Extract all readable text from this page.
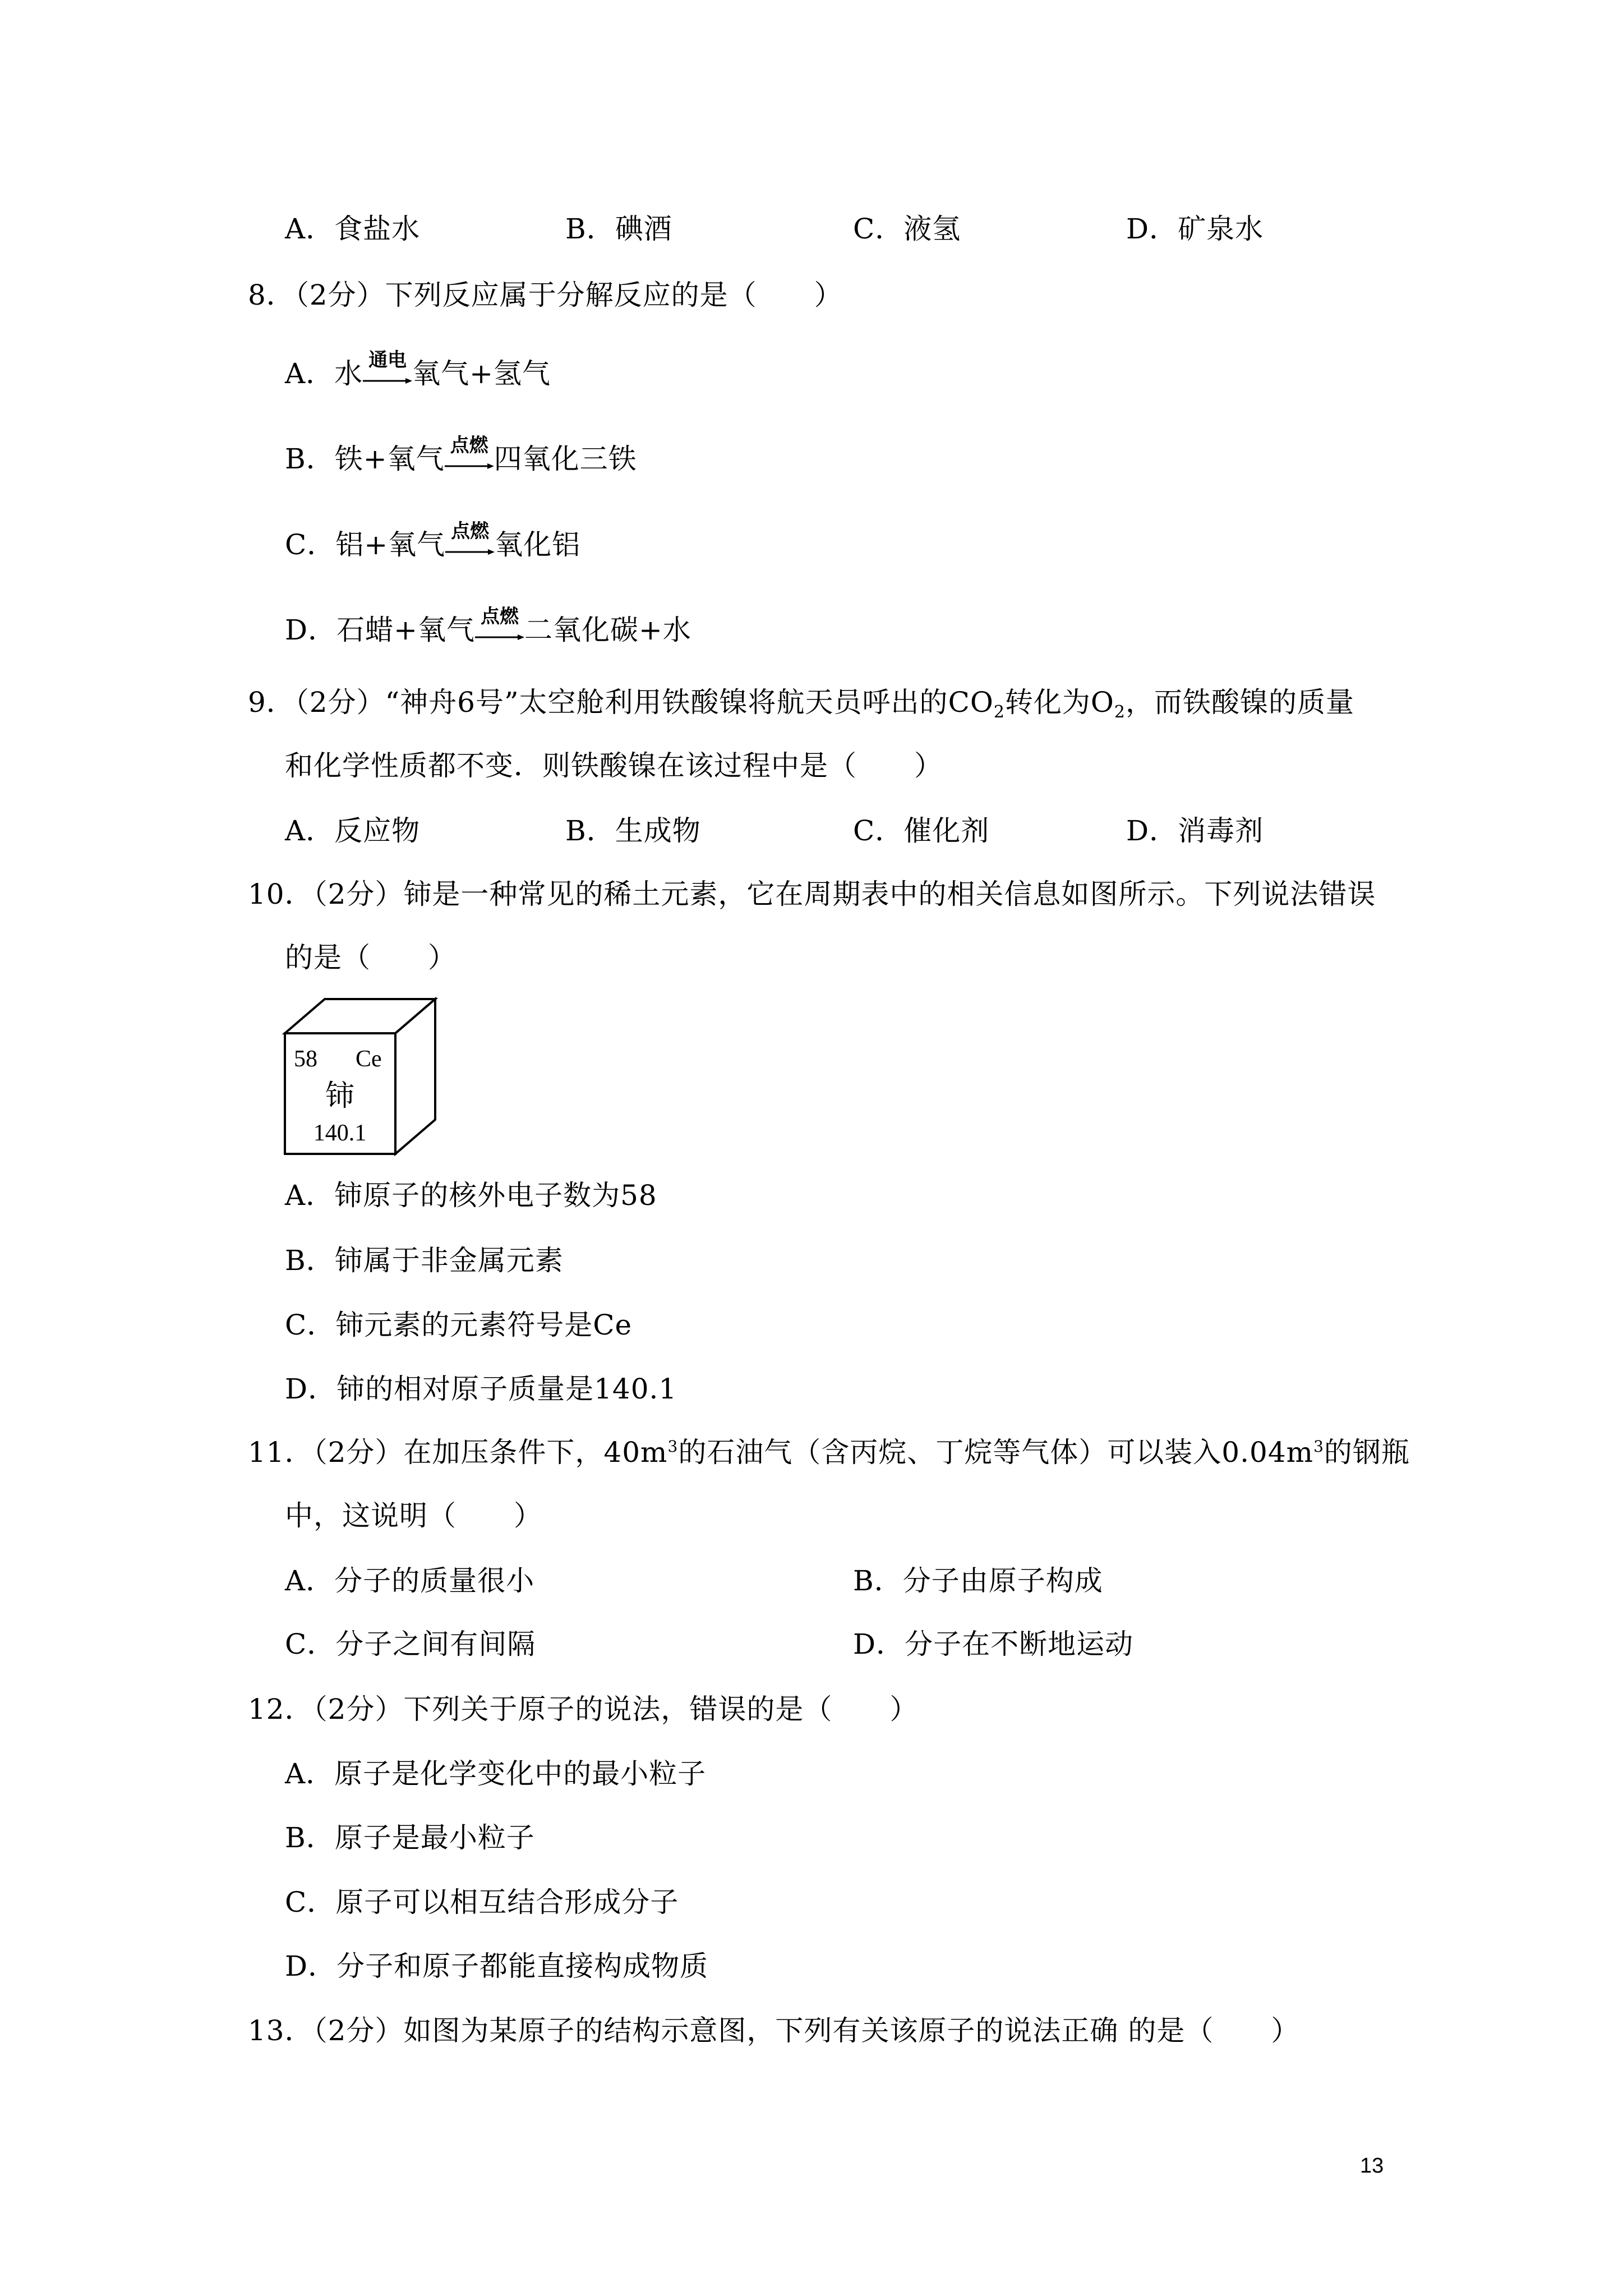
A．食盐水	B．碘酒	C．液氢	D．矿泉水
8．（2分）下列反应属于分解反应的是（　　）
A．水 通电 氧气+氢气
B．铁+氧气 点燃 四氧化三铁
C．铝+氧气 点燃 氧化铝
D．石蜡+氧气 点燃 二氧化碳+水
9．（2分）“神舟6号”太空舱利用铁酸镍将航天员呼出的$CO_2$转化为$O_2$，而铁酸镍的质量
和化学性质都不变．则铁酸镍在该过程中是（　　）
A．反应物	B．生成物	C．催化剂	D．消毒剂
10．（2分）铈是一种常见的稀土元素，它在周期表中的相关信息如图所示。下列说法错误
的是（　　）
58 Ce
铈
140.1
A．铈原子的核外电子数为58
B．铈属于非金属元素
C．铈元素的元素符号是Ce
D．铈的相对原子质量是140.1
11．（2分）在加压条件下，$40m^3$的石油气（含丙烷、丁烷等气体）可以装入$0.04m^3$的钢瓶
中，这说明（　　）
A．分子的质量很小	B．分子由原子构成
C．分子之间有间隔	D．分子在不断地运动
12．（2分）下列关于原子的说法，错误的是（　　）
A．原子是化学变化中的最小粒子
B．原子是最小粒子
C．原子可以相互结合形成分子
D．分子和原子都能直接构成物质
13．（2分）如图为某原子的结构示意图，下列有关该原子的说法正确 的是（　　）
13
